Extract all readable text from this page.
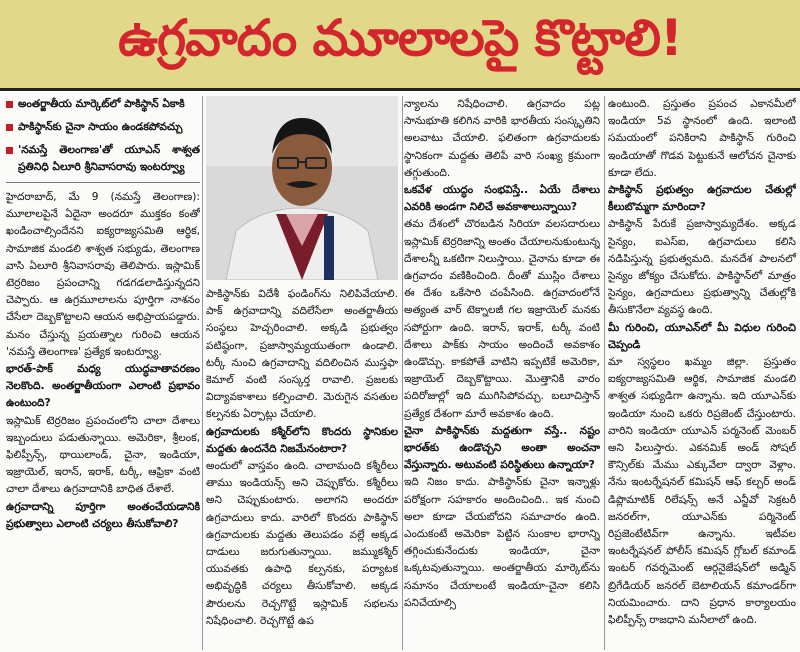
ఉగ్రవాదం మూలాలపై కొట్టాలి!
అంతర్జాతీయ మార్కెట్‌లో పాకిస్థాన్ ఏకాకి
పాకిస్థాన్‌కు చైనా సాయం ఉండకపోవచ్చు
'నమస్తే తెలంగాణ'తో యూఎన్ శాశ్వత ప్రతినిధి ఏలూరి శ్రీనివాసరావు ఇంటర్వ్యూ

హైదరాబాద్, మే 9 (నమస్తే తెలంగాణ): మూలాలపైనే ఏదైనా అందరూ ముక్తకం కంతో ఖండించాల్సిందేనని ఐక్యరాజ్యసమితి ఆర్థిక, సామాజిక మండలి శాశ్వత సభ్యుడు, తెలంగాణ వాసి ఏలూరి శ్రీనివాసరావు తెలిపారు. ఇస్లామిక్ టెర్రరిజం ప్రపంచాన్ని గడగడలాడిస్తున్నదని చెప్పారు. ఆ ఉగ్రమూలాలను పూర్తిగా నాశనం చేసేలా దెబ్బకొట్టాలని ఆయన అభిప్రాయపడ్డారు. మనం చేస్తున్న ప్రయత్నాల గురించి ఆయన 'నమస్తే తెలంగాణ' ప్రత్యేక ఇంటర్వ్యూ.

భారత్-పాక్ మధ్య యుద్ధవాతావరణం నెలకొంది. అంతర్జాతీయంగా ఎలాంటి ప్రభావం ఉంటుంది?

ఇస్లామిక్ టెర్రరిజం ప్రపంచంలోని చాలా దేశాలు ఇబ్బందులు పడుతున్నాయి. అమెరికా, శ్రీలంక, ఫిలిప్పీన్స్, థాయిలాండ్, చైనా, ఇండియా, ఇజ్రాయెల్, ఇరాన్, ఇరాక్, టర్కీ, ఆఫ్రికా వంటి చాలా దేశాలు ఉగ్రవాదానికి బాధిత దేశాలే.

ఉగ్రవాదాన్ని పూర్తిగా అంతంచేయడానికి ప్రభుత్వాలు ఎలాంటి చర్యలు తీసుకోవాలి?

పాకిస్థాన్‌కు విదేశీ ఫండింగ్‌ను నిలిపివేయాలి. పాక్ ఉగ్రవాదాన్ని వదిలేసేలా అంతర్జాతీయ సంస్థలు హెచ్చరించాలి. అక్కడి ప్రభుత్వం పటిష్ఠంగా, ప్రజాస్వామ్యయుతంగా ఉండాలి. టర్కీ నుంచి ఉగ్రవాదాన్ని వదిలించిన ముస్తఫా కెమాల్ వంటి సంస్కర్త రావాలి. ప్రజలకు విద్యావకాశాలు కల్పించాలి. మెరుగైన వసతుల కల్పనకు ఏర్పాట్లు చేయాలి.

ఉగ్రవాదులకు కశ్మీర్‌లోని కొందరు స్థానికుల మద్దతు ఉందనేది నిజమేనంటారా?

అందులో వాస్తవం ఉంది. చాలామంది కశ్మీరీలు తాము ఇండియన్స్ అని చెప్పుకోరు. కశ్మీరీలు అని చెప్పుకుంటారు. అలాగని అందరూ ఉగ్రవాదులు కాదు. వారిలో కొందరు పాకిస్థాన్ ఉగ్రవాదులకు మద్దతు తెలుపడం వల్లే అక్కడ దాడులు జరుగుతున్నాయి. జమ్ముకశ్మీర్ యువతకు ఉపాధి కల్పనకు, పర్యాటక అభివృద్ధికి చర్యలు తీసుకోవాలి. అక్కడ పౌరులను రెచ్చగొట్టే ఇస్లామిక్ సభలను నిషేధించాలి. రెచ్చగొట్టే ఉప

న్యాలను నిషేధించాలి. ఉగ్రవాదం పట్ల సానుభూతి కలిగిన వారికి భారతీయ సంస్కృతిని అలవాటు చేయాలి. ఫలితంగా ఉగ్రవాదులకు స్థానికంగా మద్దతు తెలిపే వారి సంఖ్య క్రమంగా తగ్గుతుంది.

ఒకవేళ యుద్ధం సంభవిస్తే.. ఏయే దేశాలు ఎవరికి అండగా నిలిచే అవకాశాలున్నాయి?

తమ దేశంలో చొరబడిన సిరియా వలసదారులు ఇస్లామిక్ టెర్రరిజాన్ని అంతం చేయాలనుకుంటున్న దేశాలన్నీ ఒకటిగా నిలుస్తాయి. చైనాను కూడా ఈ ఉగ్రవాదం వణికించింది. దీంతో ముస్లిం దేశాలు ఈ దేశం ఒకేసారి చంపేసింది. ఉగ్రవాదంలోనే అత్యంత వార్ టెక్నాలజీ గల ఇజ్రాయెల్ మనకు సపోర్టుగా ఉంది. ఇరాన్, ఇరాక్, టర్కీ వంటి దేశాలు పాక్‌కు సాయం అందించే అవకాశం ఉండొచ్చు. కాకపోతే వాటిని ఇప్పటికే అమెరికా, ఇజ్రాయెల్ దెబ్బకొట్టాయి. మొత్తానికి వారం పదిరోజుల్లో ఇది ముగిసిపోవచ్చు. బలూచిస్తాన్ ప్రత్యేక దేశంగా మారే అవకాశం ఉంది.

చైనా పాకిస్థాన్‌కు మద్దతుగా వస్తే.. నష్టం భారత్‌కు ఉండొచ్చని అంతా అంచనా వేస్తున్నారు. అటువంటి పరిస్థితులు ఉన్నాయా?

ఇది నిజం కాదు. పాకిస్థాన్‌కు చైనా ఇన్నాళ్లు పరోక్షంగా సహకారం అందించింది.. ఇక నుంచి అలా కూడా చేయబోదని సమాచారం ఉంది. ఎందుకంటే అమెరికా పెట్టిన సుంకాల భారాన్ని తగ్గించుకునేందుకు ఇండియా, చైనా ఒక్కటవుతున్నాయి. అంతర్జాతీయ మార్కెట్‌ను సమానం చేయాలంటే ఇండియా-చైనా కలిసి పనిచేయాల్సి

ఉంటుంది. ప్రస్తుతం ప్రపంచ ఎకానమీలో ఇండియా 5వ స్థానంలో ఉంది. ఇలాంటి సమయంలో పనికిరాని పాకిస్థాన్ గురించి ఇండియాతో గొడవ పెట్టుకునే ఆలోచన చైనాకు కూడా లేదు.

పాకిస్థాన్ ప్రభుత్వం ఉగ్రవాదుల చేతుల్లో కీలుబొమ్మగా మారిందా?

పాకిస్థాన్ పేరుకే ప్రజాస్వామ్యదేశం. అక్కడ సైన్యం, ఐఎస్ఐ, ఉగ్రవాదులు కలిసి నడిపిస్తున్న ప్రభుత్వమది. మనదేశ పాలనలో సైన్యం జోక్యం చేసుకోదు. పాకిస్థాన్‌లో మాత్రం సైన్యం, ఉగ్రవాదులు ప్రభుత్వాన్ని చేతుల్లోకి తీసుకొనేలా వ్యవస్థ ఉంది.

మీ గురించి, యూఎన్‌లో మీ విధుల గురించి చెప్పండి

మా స్వస్థలం ఖమ్మం జిల్లా. ప్రస్తుతం ఐక్యరాజ్యసమితి ఆర్థిక, సామాజిక మండలి శాశ్వత సభ్యుడిగా ఉన్నాను. ఇది యూఎన్‌కు ఇండియా నుంచి ఒకరు రిప్రజెంట్ చేస్తుంటారు. వారిని ఇండియా యూఎన్ పర్మనెంట్ మెంబర్ అని పిలుస్తారు. ఎకనమిక్ అండ్ సోషల్ కౌన్సిల్‌కు మేము ఎక్కువేలా ద్వారా వెళ్లాం. నేను ఇంటర్నేషనల్ కమిషన్ ఆఫ్ కల్చర్ అండ్ డిప్లొమాటిక్ రిలేషన్స్ అనే ఎన్జీవో సెక్రటరీ జనరల్‌గా, యూఎన్‌కు పర్మినెంట్ రిప్రజెంటేటివ్‌గా ఉన్నాను. ఇటీవల ఇంటర్నేషనల్ పోలీస్ కమిషన్ గ్లోబల్ కమాండ్ ఇంటర్ గవర్నమెంట్ ఆర్గనైజేషన్‌లో అడ్మిన్ బ్రిగేడియర్ జనరల్ బెటాలియన్ కమాండర్‌గా నియమించారు. దాని ప్రధాన కార్యాలయం ఫిలిప్పీన్స్ రాజధాని మనీలాలో ఉంది.
